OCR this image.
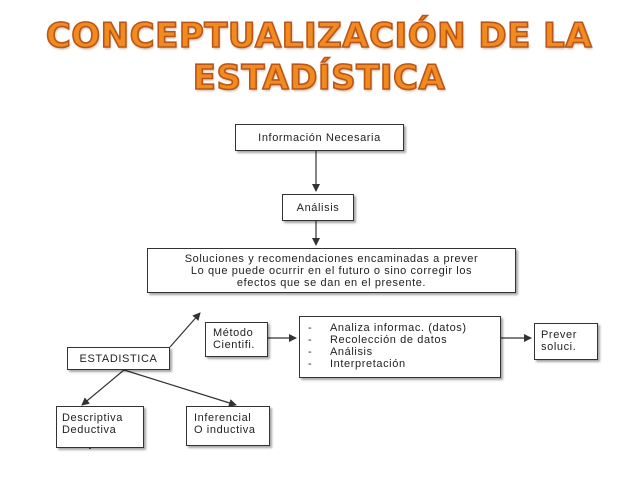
CONCEPTUALIZACIÓN DE LA
ESTADÍSTICA
Información Necesaria
Análisis
Soluciones y recomendaciones encaminadas a prever
Lo que puede ocurrir en el futuro o sino corregir los
efectos que se dan en el presente.
ESTADISTICA
Método
Cientifi.
- Analiza informac. (datos)
- Recolección de datos
- Análisis
- Interpretación
Prever
soluci.
Descriptiva
Deductiva
Inferencial
O inductiva
